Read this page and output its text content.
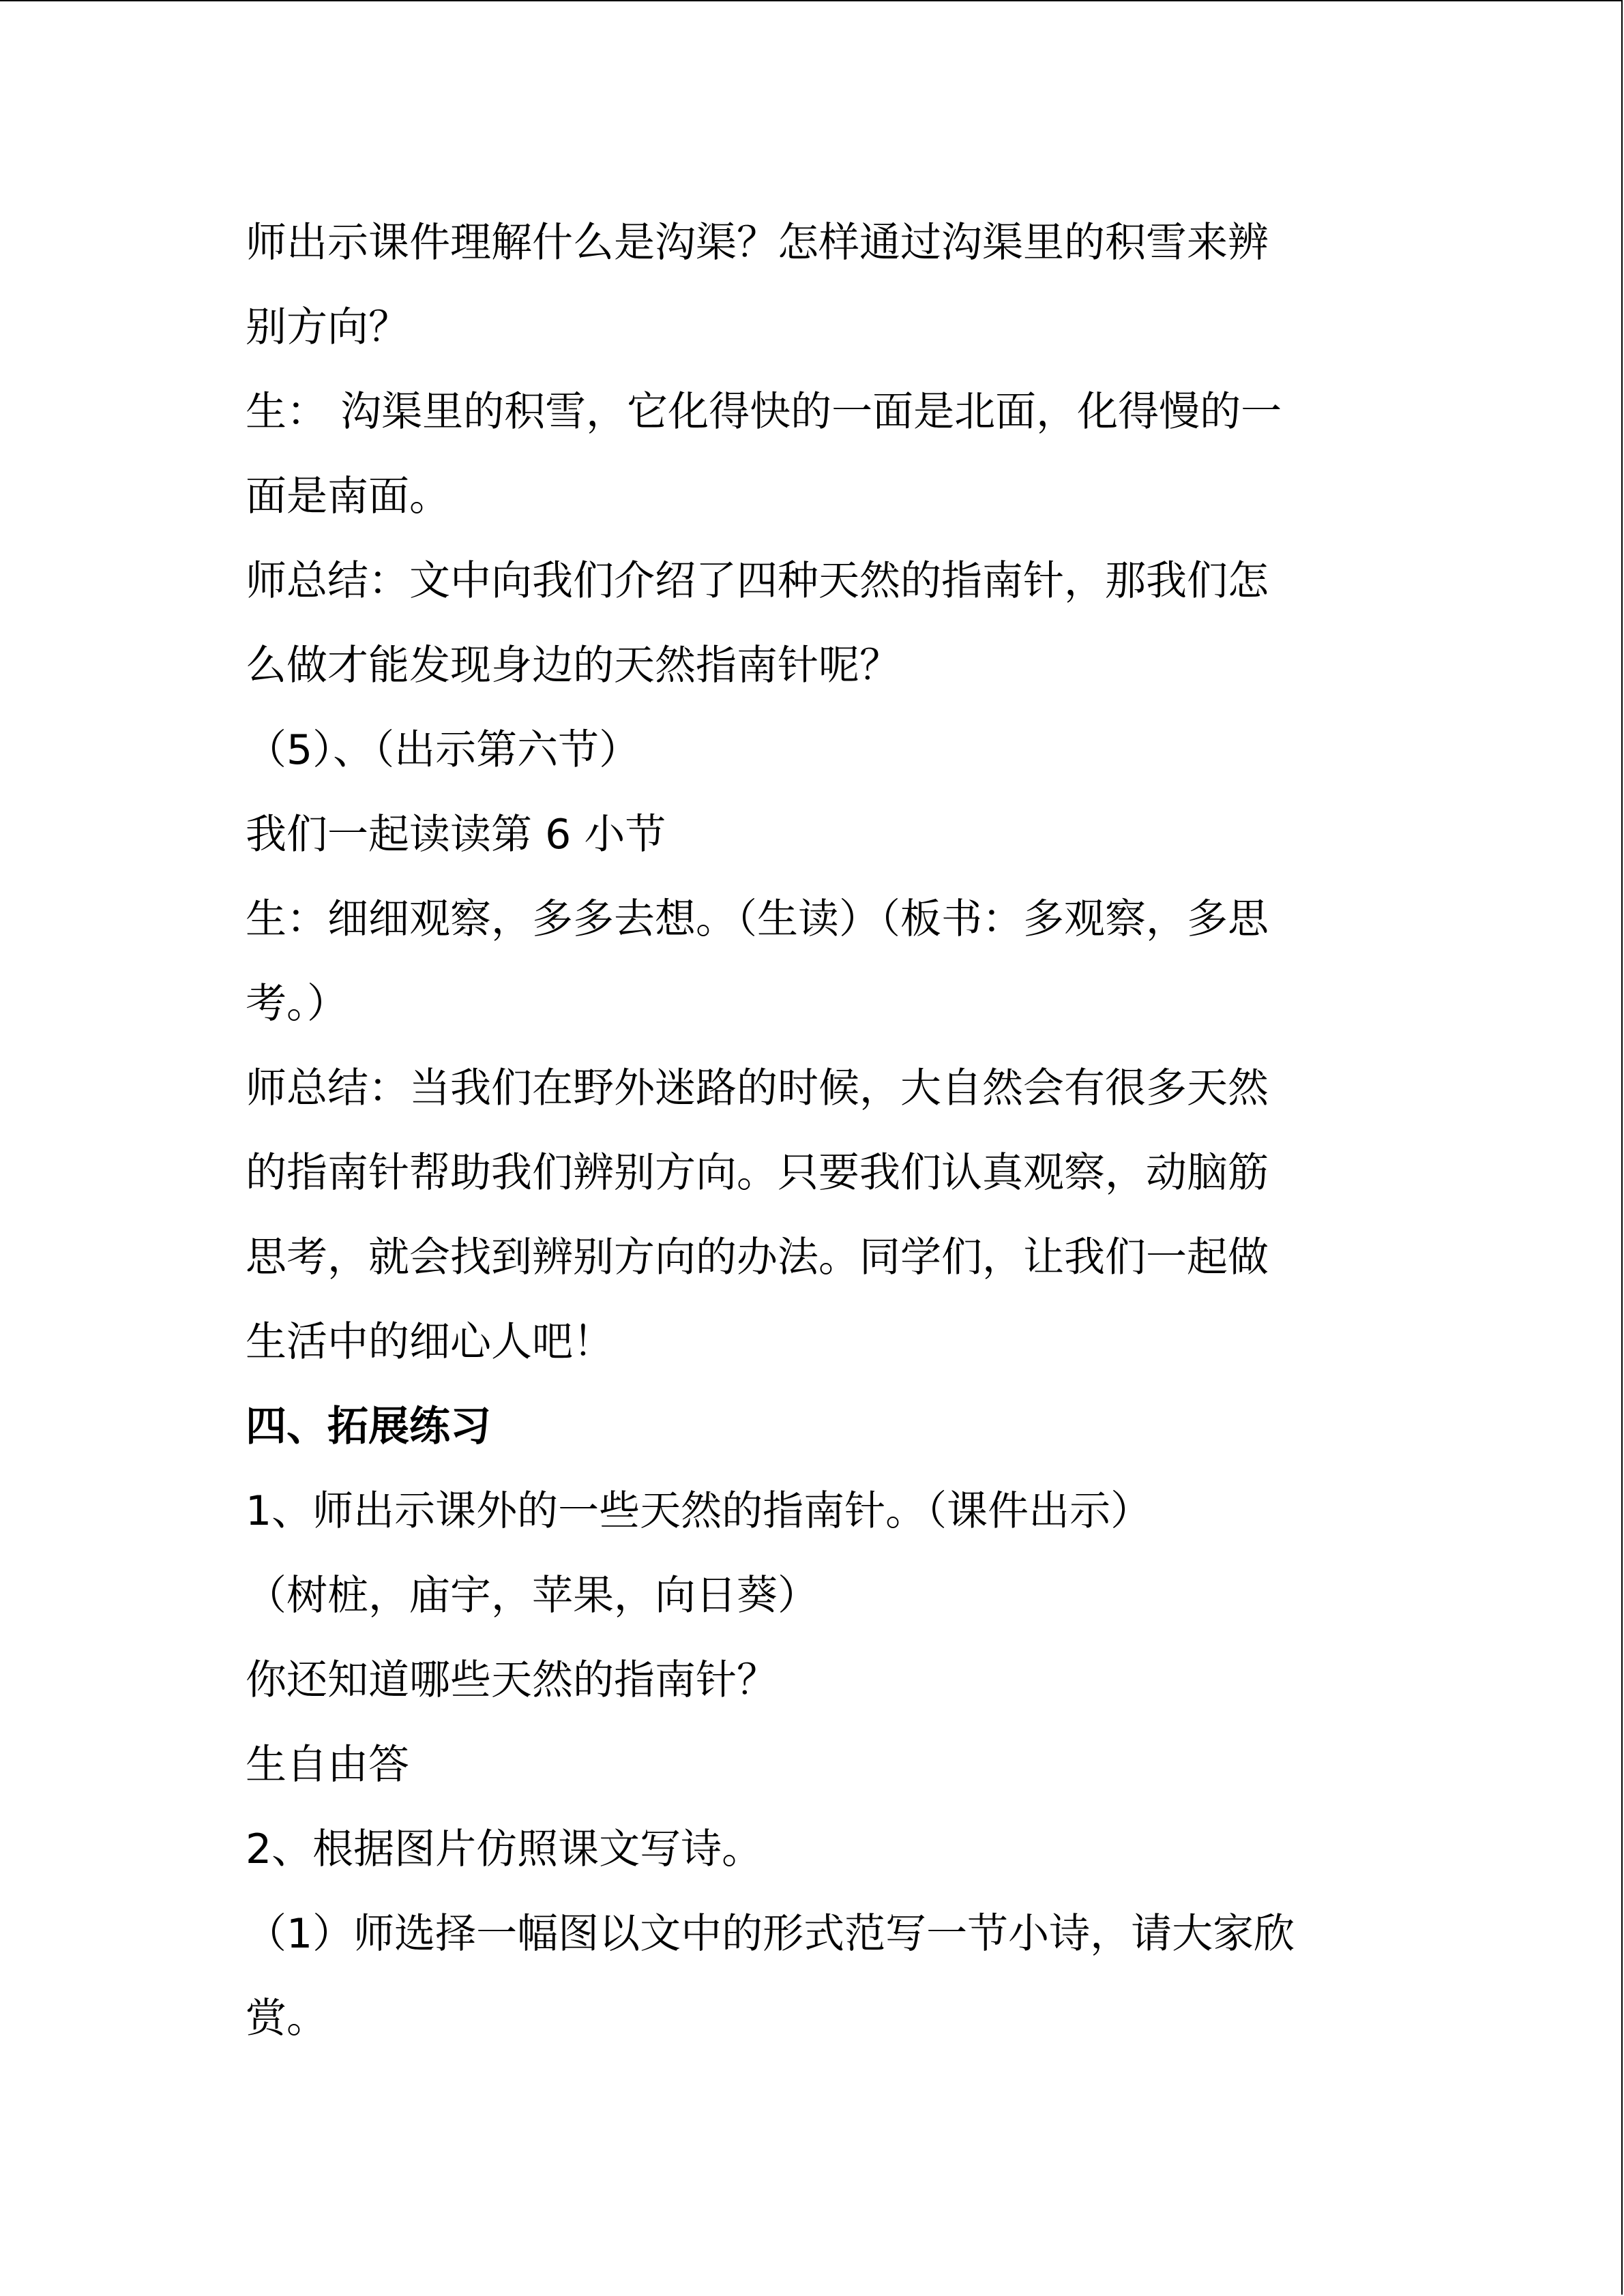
师出示课件理解什么是沟渠？怎样通过沟渠里的积雪来辨
别方向？
生： 沟渠里的积雪，它化得快的一面是北面，化得慢的一
面是南面。
师总结：文中向我们介绍了四种天然的指南针，那我们怎
么做才能发现身边的天然指南针呢？
（5）、（出示第六节）
我们一起读读第 6 小节
生：细细观察，多多去想。（生读）（板书：多观察，多思
考。）
师总结：当我们在野外迷路的时候，大自然会有很多天然
的指南针帮助我们辨别方向。只要我们认真观察，动脑筋
思考，就会找到辨别方向的办法。同学们，让我们一起做
生活中的细心人吧！
四、拓展练习
1、师出示课外的一些天然的指南针。（课件出示）
（树桩，庙宇，苹果，向日葵）
你还知道哪些天然的指南针？
生自由答
2、根据图片仿照课文写诗。
（1）师选择一幅图以文中的形式范写一节小诗，请大家欣
赏。
